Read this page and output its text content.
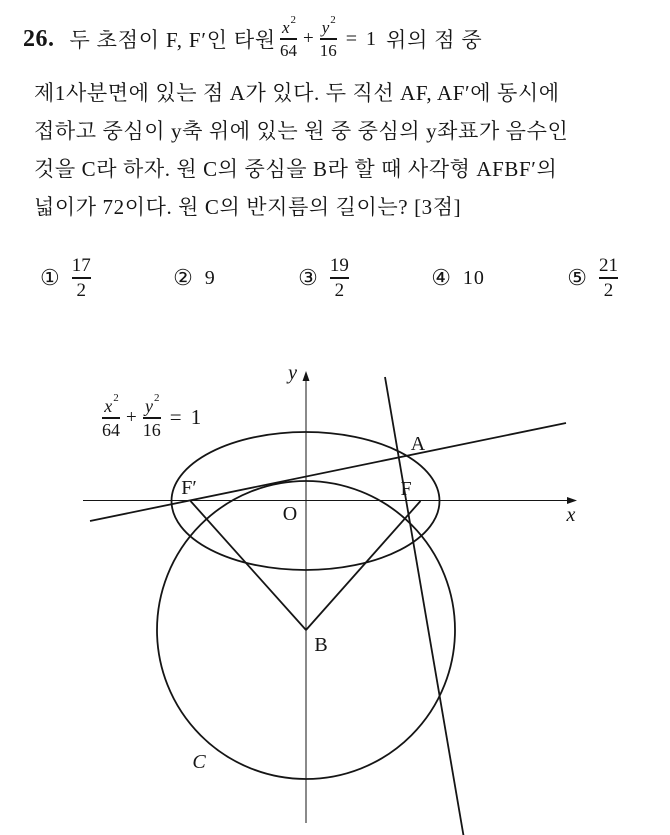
26. 두 초점이 F, F′인 타원 $\frac{x^2}{64} + \frac{y^2}{16} = 1$ 위의 점 중

제1사분면에 있는 점 A가 있다. 두 직선 AF, AF′에 동시에

접하고 중심이 y축 위에 있는 원 중 중심의 y좌표가 음수인

것을 C라 하자. 원 C의 중심을 B라 할 때 사각형 AFBF′의

넓이가 72이다. 원 C의 반지름의 길이는? [3점]

① $\frac{17}{2}$	② 9	③ $\frac{19}{2}$	④ 10	⑤ $\frac{21}{2}$
y
x
O
A
F
F′
B
C
$\frac{x^2}{64} + \frac{y^2}{16} = 1$
